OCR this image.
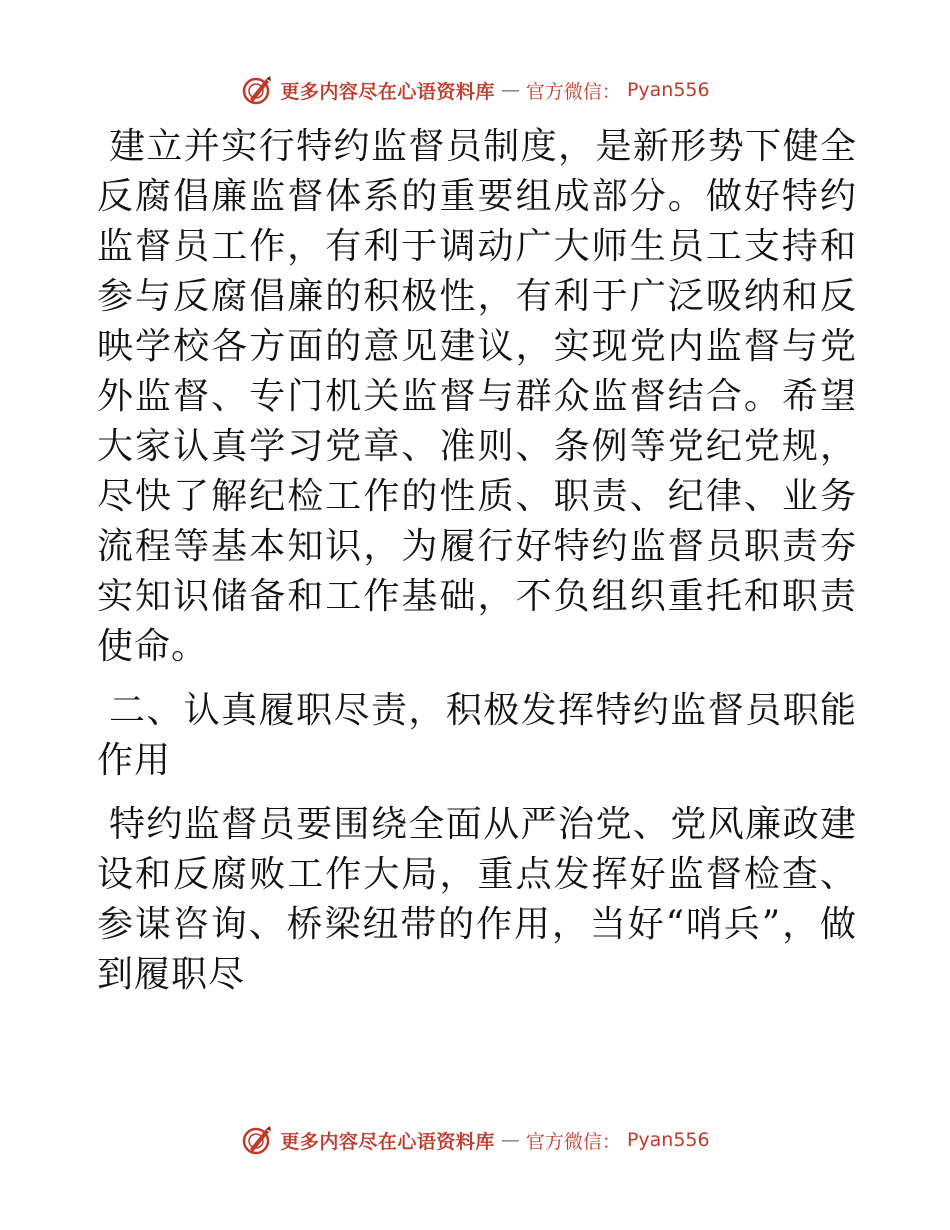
更多内容尽在心语资料库 — 官方微信： Pyan556

建立并实行特约监督员制度，是新形势下健全反腐倡廉监督体系的重要组成部分。做好特约监督员工作，有利于调动广大师生员工支持和参与反腐倡廉的积极性，有利于广泛吸纳和反映学校各方面的意见建议，实现党内监督与党外监督、专门机关监督与群众监督结合。希望大家认真学习党章、准则、条例等党纪党规，尽快了解纪检工作的性质、职责、纪律、业务流程等基本知识，为履行好特约监督员职责夯实知识储备和工作基础，不负组织重托和职责使命。

二、认真履职尽责，积极发挥特约监督员职能作用

特约监督员要围绕全面从严治党、党风廉政建设和反腐败工作大局，重点发挥好监督检查、参谋咨询、桥梁纽带的作用，当好“哨兵”，做到履职尽

更多内容尽在心语资料库 — 官方微信： Pyan556
